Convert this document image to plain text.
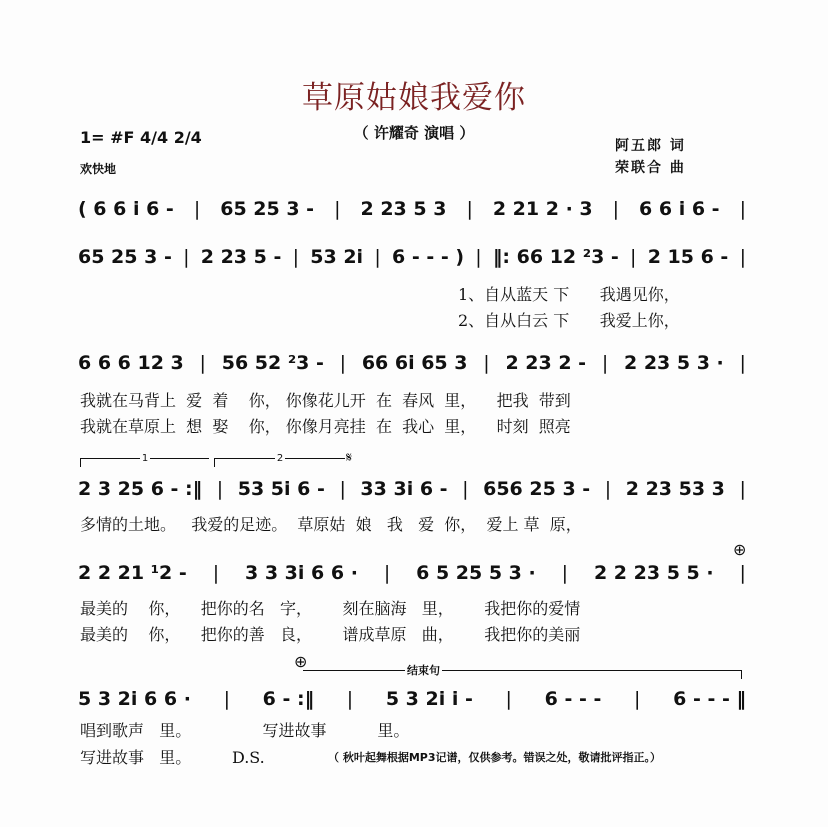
草原姑娘我爱你
（ 许耀奇 演唱 ）
1= #F 4/4 2/4
欢快地
阿五郎 词
荣联合 曲
( 6 6 i 6 - | 65 25 3 - | 2 23 5 3 | 2 21 2 · 3 | 6 6 i 6 - |
65 25 3 - | 2 23 5 - | 53 2i | 6 - - - ) | ‖: 66 12 ²3 - | 2 15 6 - |
1、自从蓝天 下      我遇见你，
2、自从白云 下      我爱上你，
6 6 6 12 3 | 56 52 ²3 - | 66 6i 65 3 | 2 23 2 - | 2 23 5 3 · |
我就在马背上  爱  着    你， 你像花儿开  在  春风  里，    把我  带到
我就在草原上  想  娶    你， 你像月亮挂  在  我心  里，    时刻  照亮
1	2	𝄋
2 3 25 6 - :‖ | 53 5i 6 - | 33 3i 6 - | 656 25 3 - | 2 23 53 3 |
多情的土地。   我爱的足迹。  草原姑  娘   我   爱  你，  爱上 草  原，
⊕
2 2 21 ¹2 - | 3 3 3i 6 6 · | 6 5 25 5 3 · | 2 2 23 5 5 · |
最美的    你，    把你的名   字，      刻在脑海   里，      我把你的爱情
最美的    你，    把你的善   良，      谱成草原   曲，      我把你的美丽
⊕	结束句
5 3 2i 6 6 · | 6 - :‖ | 5 3 2i i - | 6 - - - | 6 - - - ‖
唱到歌声   里。              写进故事          里。
写进故事   里。        D.S.	（ 秋叶起舞根据MP3记谱，仅供参考。错误之处，敬请批评指正。）
